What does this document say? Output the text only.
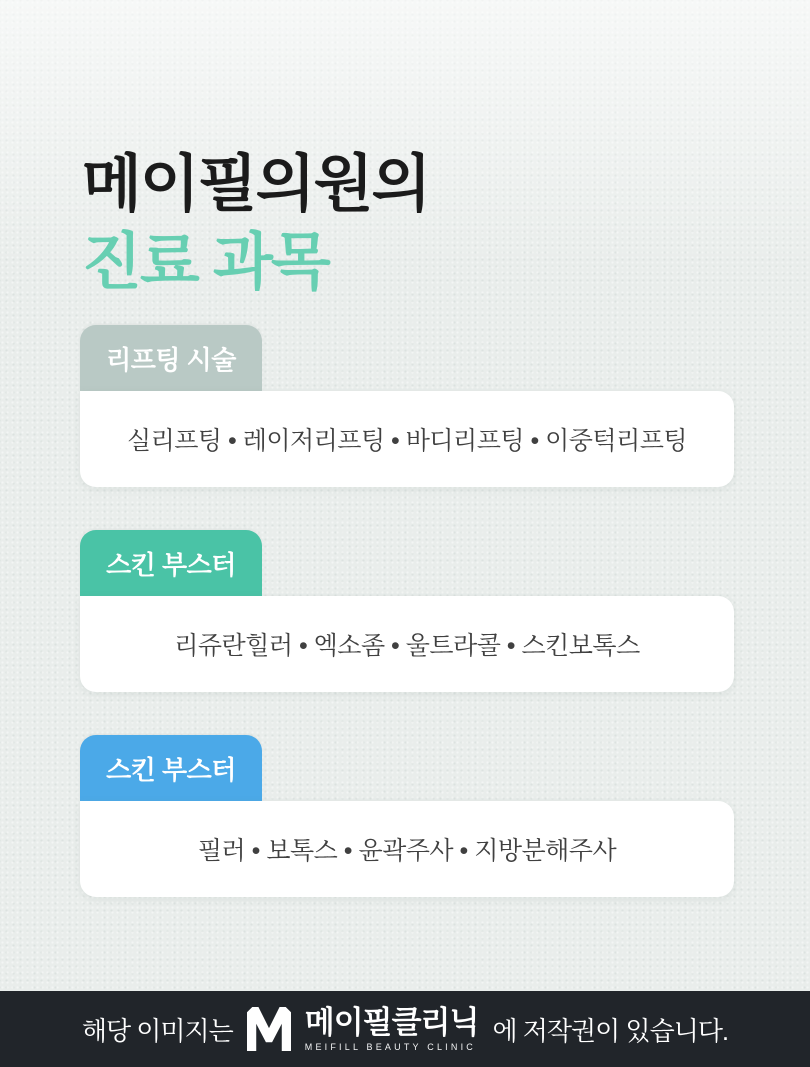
메이필의원의
진료 과목
리프팅 시술
실리프팅 • 레이저리프팅 • 바디리프팅 • 이중턱리프팅
스킨 부스터
리쥬란힐러 • 엑소좀 • 울트라콜 • 스킨보톡스
스킨 부스터
필러 • 보톡스 • 윤곽주사 • 지방분해주사
해당 이미지는 메이필클리닉
MEIFILL BEAUTY CLINIC
에 저작권이 있습니다.
